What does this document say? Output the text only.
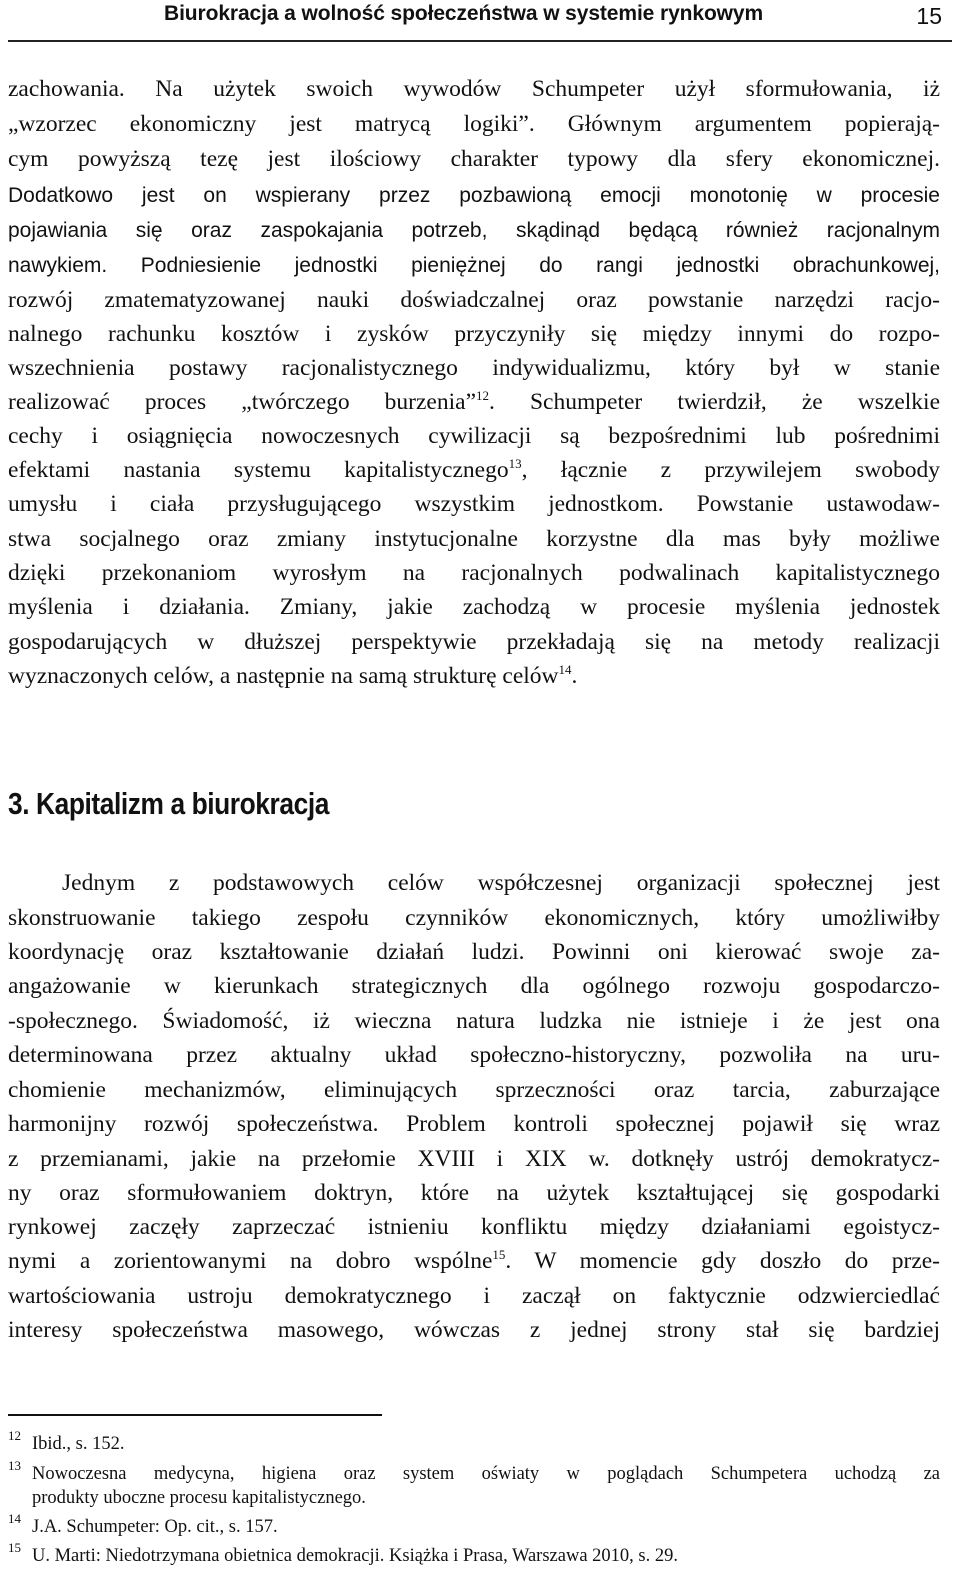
Biurokracja a wolność społeczeństwa w systemie rynkowym	15
zachowania. Na użytek swoich wywodów Schumpeter użył sformułowania, iż
„wzorzec ekonomiczny jest matrycą logiki”. Głównym argumentem popierają-
cym powyższą tezę jest ilościowy charakter typowy dla sfery ekonomicznej.
Dodatkowo jest on wspierany przez pozbawioną emocji monotonię w procesie
pojawiania się oraz zaspokajania potrzeb, skądinąd będącą również racjonalnym
nawykiem. Podniesienie jednostki pieniężnej do rangi jednostki obrachunkowej,
rozwój zmatematyzowanej nauki doświadczalnej oraz powstanie narzędzi racjo-
nalnego rachunku kosztów i zysków przyczyniły się między innymi do rozpo-
wszechnienia postawy racjonalistycznego indywidualizmu, który był w stanie
realizować proces „twórczego burzenia”$^{12}$. Schumpeter twierdził, że wszelkie
cechy i osiągnięcia nowoczesnych cywilizacji są bezpośrednimi lub pośrednimi
efektami nastania systemu kapitalistycznego$^{13}$, łącznie z przywilejem swobody
umysłu i ciała przysługującego wszystkim jednostkom. Powstanie ustawodaw-
stwa socjalnego oraz zmiany instytucjonalne korzystne dla mas były możliwe
dzięki przekonaniom wyrosłym na racjonalnych podwalinach kapitalistycznego
myślenia i działania. Zmiany, jakie zachodzą w procesie myślenia jednostek
gospodarujących w dłuższej perspektywie przekładają się na metody realizacji
wyznaczonych celów, a następnie na samą strukturę celów$^{14}$.
3. Kapitalizm a biurokracja
Jednym z podstawowych celów współczesnej organizacji społecznej jest
skonstruowanie takiego zespołu czynników ekonomicznych, który umożliwiłby
koordynację oraz kształtowanie działań ludzi. Powinni oni kierować swoje za-
angażowanie w kierunkach strategicznych dla ogólnego rozwoju gospodarczo-
-społecznego. Świadomość, iż wieczna natura ludzka nie istnieje i że jest ona
determinowana przez aktualny układ społeczno-historyczny, pozwoliła na uru-
chomienie mechanizmów, eliminujących sprzeczności oraz tarcia, zaburzające
harmonijny rozwój społeczeństwa. Problem kontroli społecznej pojawił się wraz
z przemianami, jakie na przełomie XVIII i XIX w. dotknęły ustrój demokratycz-
ny oraz sformułowaniem doktryn, które na użytek kształtującej się gospodarki
rynkowej zaczęły zaprzeczać istnieniu konfliktu między działaniami egoistycz-
nymi a zorientowanymi na dobro wspólne$^{15}$. W momencie gdy doszło do prze-
wartościowania ustroju demokratycznego i zaczął on faktycznie odzwierciedlać
interesy społeczeństwa masowego, wówczas z jednej strony stał się bardziej
12 Ibid., s. 152.
13 Nowoczesna medycyna, higiena oraz system oświaty w poglądach Schumpetera uchodzą za
produkty uboczne procesu kapitalistycznego.
14 J.A. Schumpeter: Op. cit., s. 157.
15 U. Marti: Niedotrzymana obietnica demokracji. Książka i Prasa, Warszawa 2010, s. 29.
